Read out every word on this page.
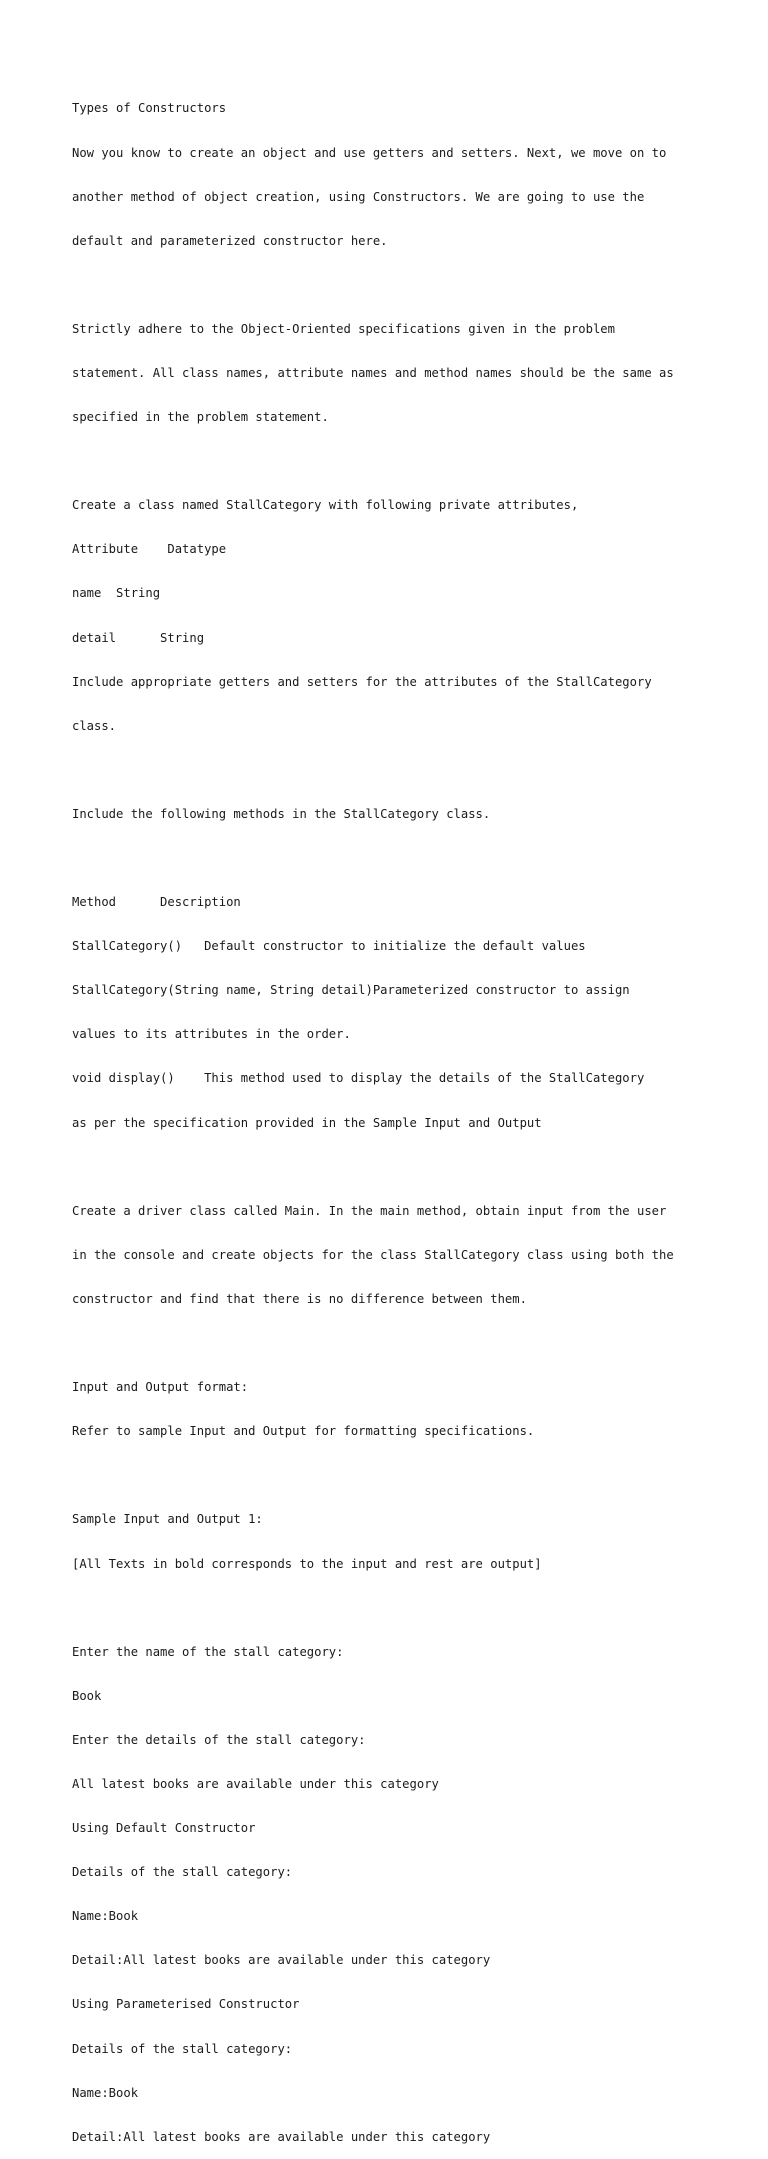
Types of Constructors

Now you know to create an object and use getters and setters. Next, we move on to

another method of object creation, using Constructors. We are going to use the

default and parameterized constructor here.

Strictly adhere to the Object-Oriented specifications given in the problem

statement. All class names, attribute names and method names should be the same as

specified in the problem statement.

Create a class named StallCategory with following private attributes,

Attribute    Datatype

name  String

detail      String

Include appropriate getters and setters for the attributes of the StallCategory

class.

Include the following methods in the StallCategory class.

Method      Description

StallCategory()   Default constructor to initialize the default values

StallCategory(String name, String detail)Parameterized constructor to assign

values to its attributes in the order.

void display()    This method used to display the details of the StallCategory

as per the specification provided in the Sample Input and Output

Create a driver class called Main. In the main method, obtain input from the user

in the console and create objects for the class StallCategory class using both the

constructor and find that there is no difference between them.

Input and Output format:

Refer to sample Input and Output for formatting specifications.

Sample Input and Output 1:

[All Texts in bold corresponds to the input and rest are output]

Enter the name of the stall category:

Book

Enter the details of the stall category:

All latest books are available under this category

Using Default Constructor

Details of the stall category:

Name:Book

Detail:All latest books are available under this category

Using Parameterised Constructor

Details of the stall category:

Name:Book

Detail:All latest books are available under this category
